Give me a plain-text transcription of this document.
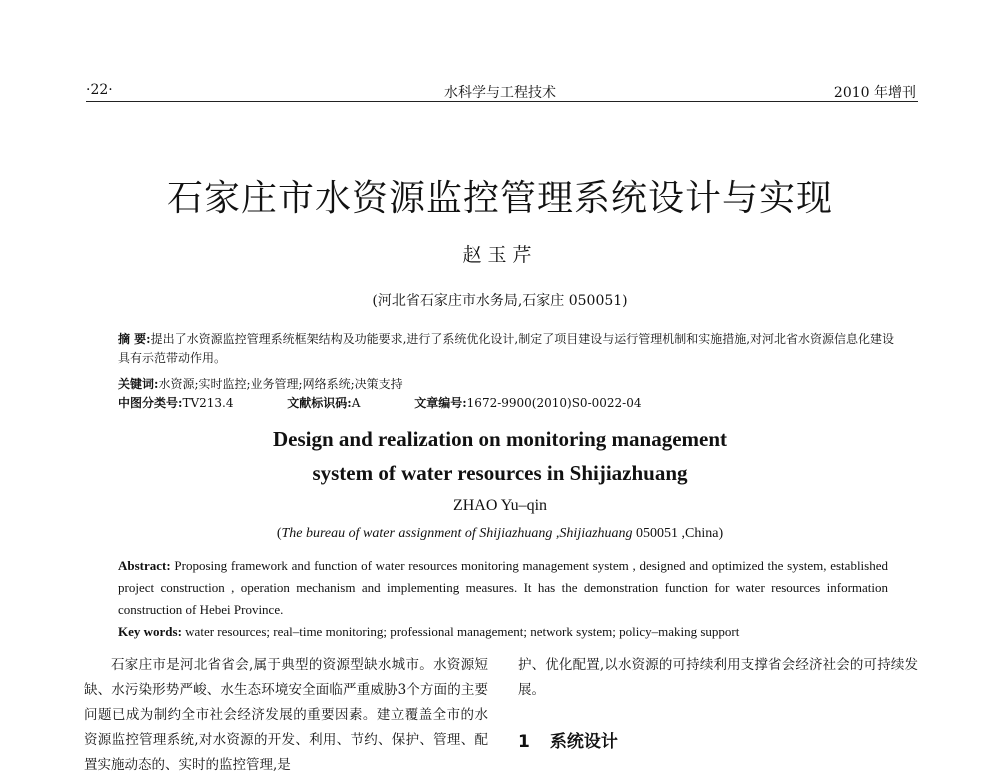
·22·	水科学与工程技术	2010 年增刊
石家庄市水资源监控管理系统设计与实现
赵玉芹
(河北省石家庄市水务局,石家庄 050051)
摘 要:提出了水资源监控管理系统框架结构及功能要求,进行了系统优化设计,制定了项目建设与运行管理机制和实施措施,对河北省水资源信息化建设具有示范带动作用。
关键词:水资源;实时监控;业务管理;网络系统;决策支持
中图分类号:TV213.4	文献标识码:A	文章编号:1672-9900(2010)S0-0022-04
Design and realization on monitoring management
system of water resources in Shijiazhuang
ZHAO Yu–qin
(The bureau of water assignment of Shijiazhuang ,Shijiazhuang 050051 ,China)

Abstract: Proposing framework and function of water resources monitoring management system , designed and optimized the system, established project construction , operation mechanism and implementing measures. It has the demonstration function for water resources information construction of Hebei Province.

Key words: water resources; real–time monitoring; professional management; network system; policy–making support

石家庄市是河北省省会,属于典型的资源型缺水城市。水资源短缺、水污染形势严峻、水生态环境安全面临严重威胁3个方面的主要问题已成为制约全市社会经济发展的重要因素。建立覆盖全市的水资源监控管理系统,对水资源的开发、利用、节约、保护、管理、配置实施动态的、实时的监控管理,是

护、优化配置,以水资源的可持续利用支撑省会经济社会的可持续发展。

1 系统设计
